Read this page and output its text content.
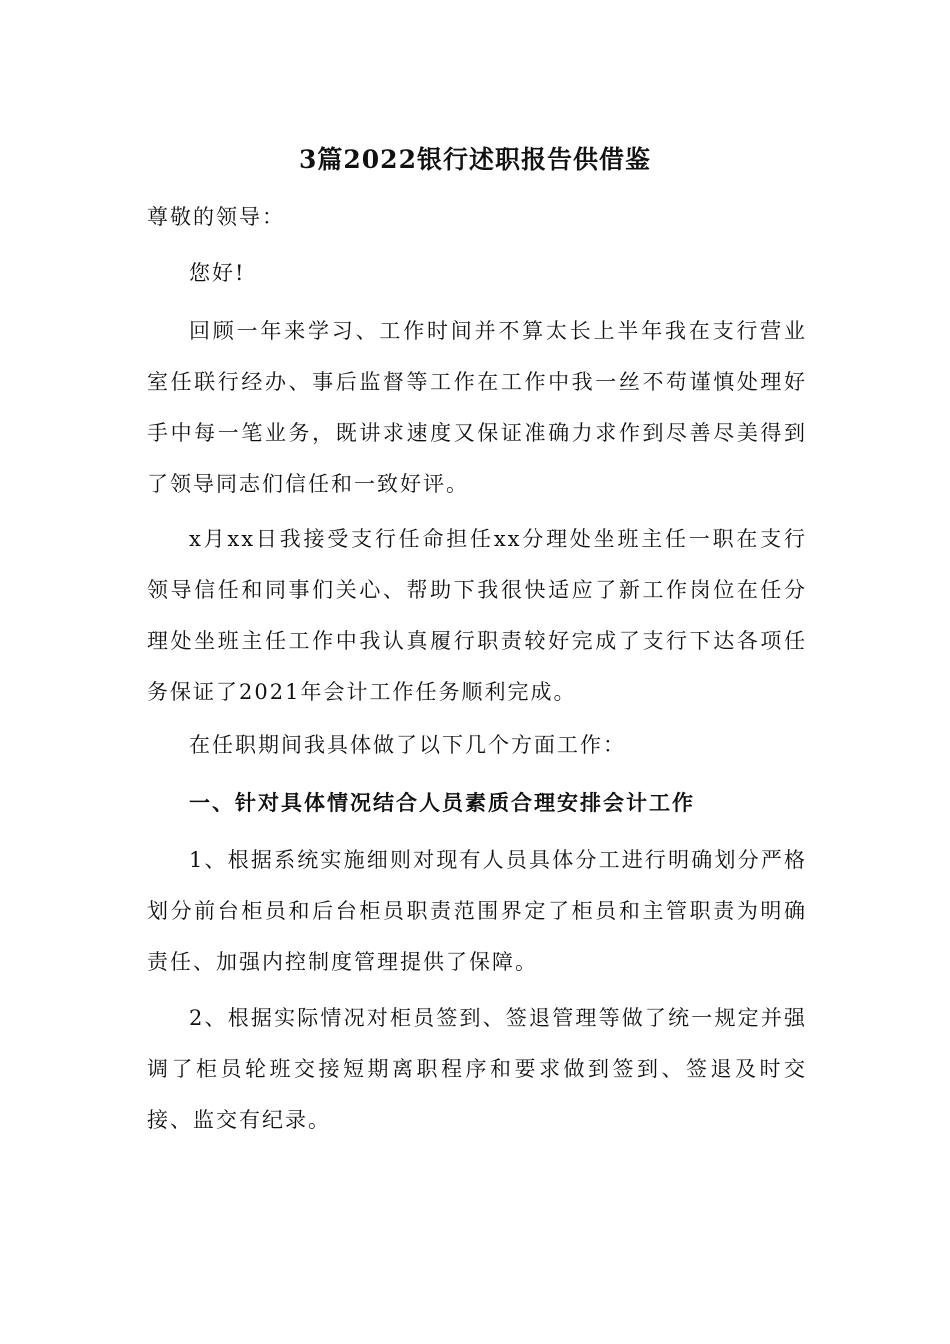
3篇2022银行述职报告供借鉴

尊敬的领导：

您好!

回顾一年来学习、工作时间并不算太长上半年我在支行营业室任联行经办、事后监督等工作在工作中我一丝不苟谨慎处理好手中每一笔业务，既讲求速度又保证准确力求作到尽善尽美得到了领导同志们信任和一致好评。

x月xx日我接受支行任命担任xx分理处坐班主任一职在支行领导信任和同事们关心、帮助下我很快适应了新工作岗位在任分理处坐班主任工作中我认真履行职责较好完成了支行下达各项任务保证了2021年会计工作任务顺利完成。

在任职期间我具体做了以下几个方面工作：

一、针对具体情况结合人员素质合理安排会计工作

1、根据系统实施细则对现有人员具体分工进行明确划分严格划分前台柜员和后台柜员职责范围界定了柜员和主管职责为明确责任、加强内控制度管理提供了保障。

2、根据实际情况对柜员签到、签退管理等做了统一规定并强调了柜员轮班交接短期离职程序和要求做到签到、签退及时交接、监交有纪录。
